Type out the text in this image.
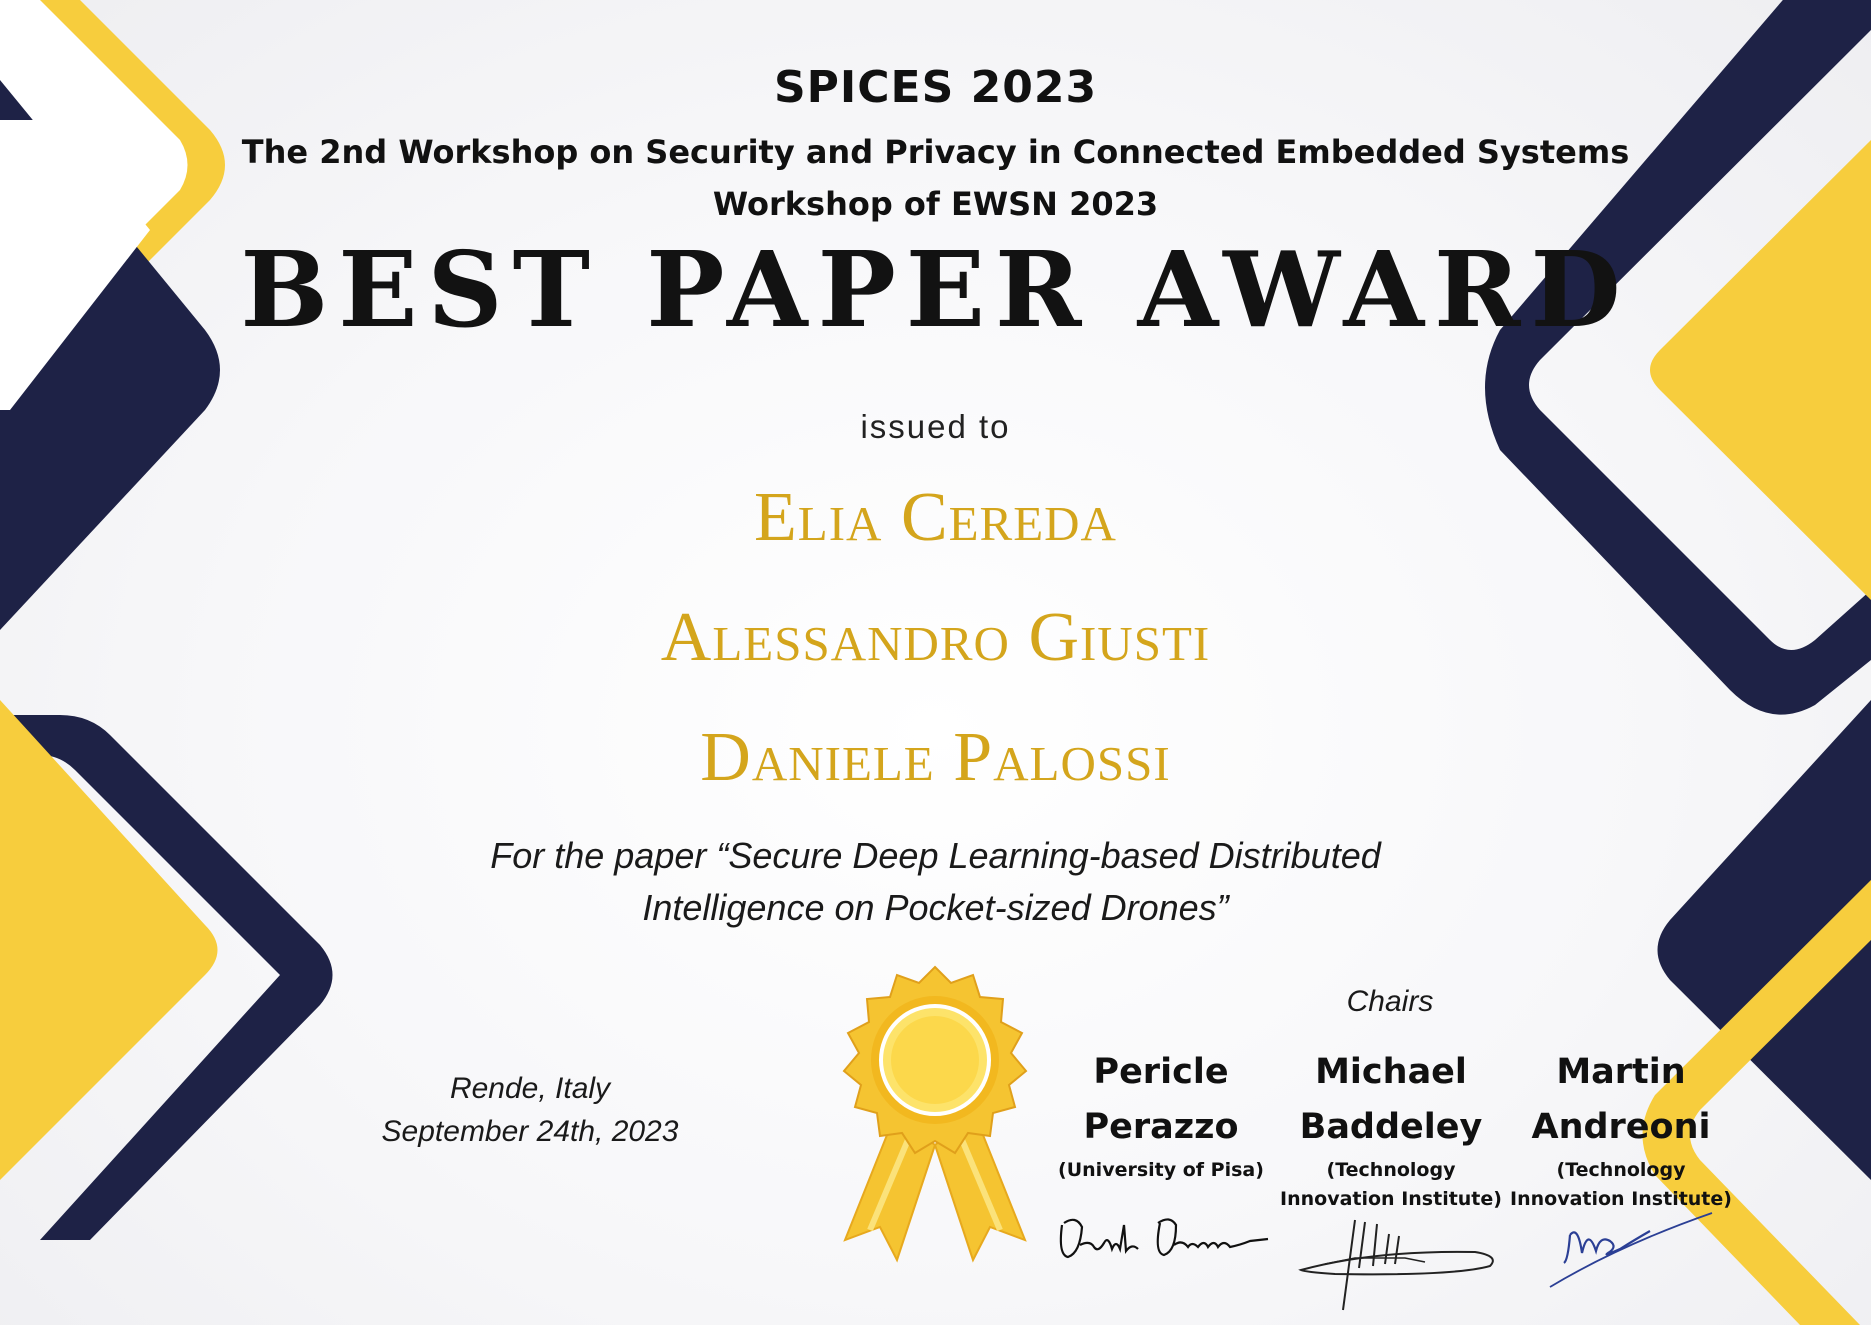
SPICES 2023
The 2nd Workshop on Security and Privacy in Connected Embedded Systems
Workshop of EWSN 2023
BEST PAPER AWARD
issued to
Elia Cereda
Alessandro Giusti
Daniele Palossi
For the paper “Secure Deep Learning-based Distributed
Intelligence on Pocket-sized Drones”
Rende, Italy
September 24th, 2023
Chairs
Pericle
Perazzo
(University of Pisa)
Michael
Baddeley
(Technology
Innovation Institute)
Martin
Andreoni
(Technology
Innovation Institute)
